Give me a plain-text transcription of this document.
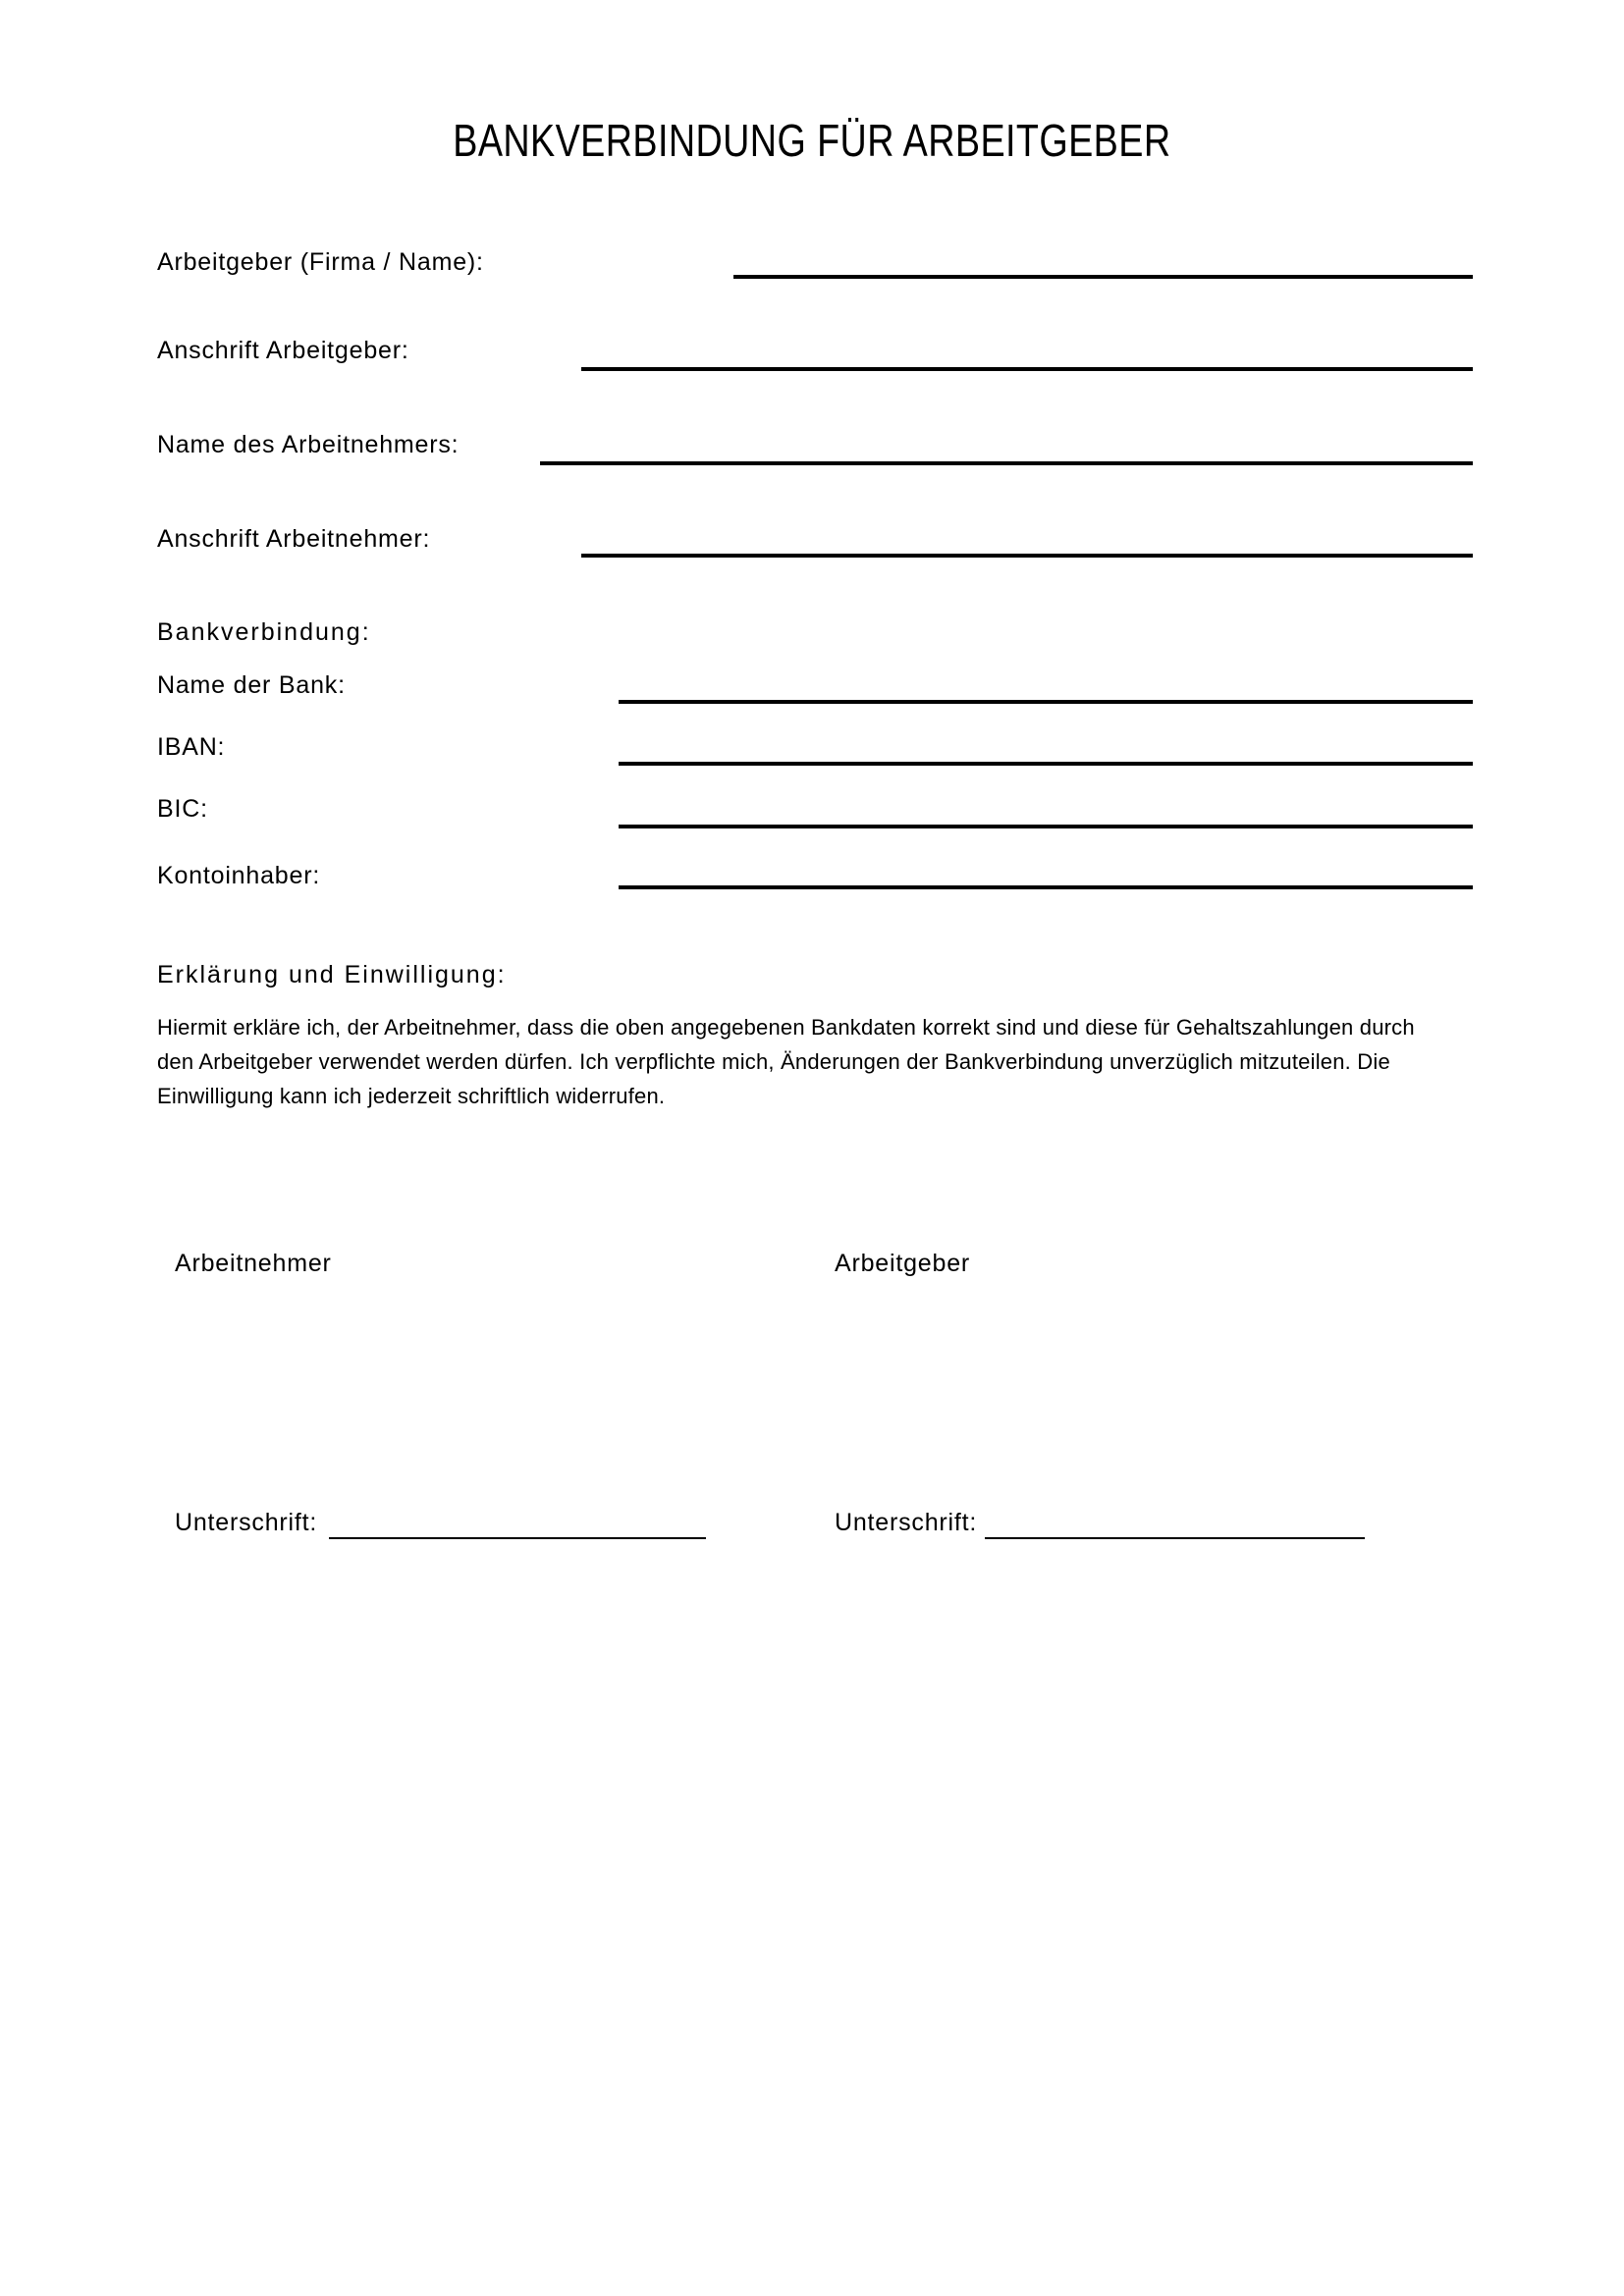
BANKVERBINDUNG FÜR ARBEITGEBER
Arbeitgeber (Firma / Name):
Anschrift Arbeitgeber:
Name des Arbeitnehmers:
Anschrift Arbeitnehmer:
Bankverbindung:
Name der Bank:
IBAN:
BIC:
Kontoinhaber:
Erklärung und Einwilligung:
Hiermit erkläre ich, der Arbeitnehmer, dass die oben angegebenen Bankdaten korrekt sind und diese für Gehaltszahlungen durch den Arbeitgeber verwendet werden dürfen. Ich verpflichte mich, Änderungen der Bankverbindung unverzüglich mitzuteilen. Die Einwilligung kann ich jederzeit schriftlich widerrufen.
Arbeitnehmer	Arbeitgeber
Unterschrift:	Unterschrift:
